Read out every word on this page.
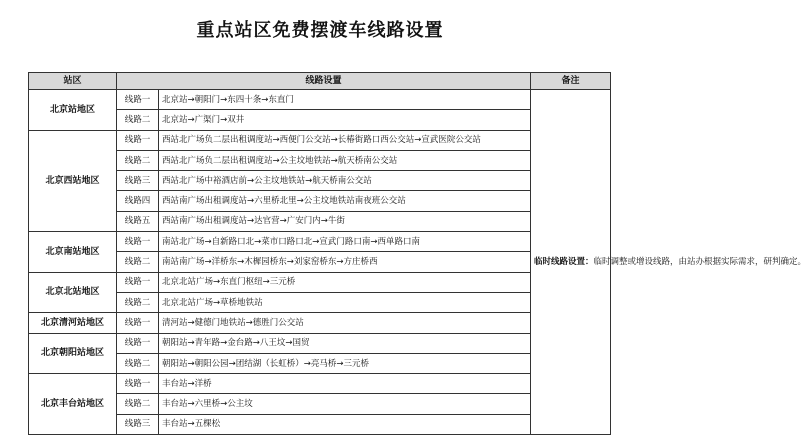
重点站区免费摆渡车线路设置
站区	线路设置		备注
北京站地区	线路一	北京站→朝阳门→东四十条→东直门	临时线路设置：临时调整或增设线路，由站办根据实际需求，研判确定。
	线路二	北京站→广渠门→双井	
北京西站地区	线路一	西站北广场负二层出租调度站→西便门公交站→长椿街路口西公交站→宣武医院公交站	
	线路二	西站北广场负二层出租调度站→公主坟地铁站→航天桥南公交站	
	线路三	西站北广场中裕酒店前→公主坟地铁站→航天桥南公交站	
	线路四	西站南广场出租调度站→六里桥北里→公主坟地铁站南夜班公交站	
	线路五	西站南广场出租调度站→达官营→广安门内→牛街	
北京南站地区	线路一	南站北广场→自新路口北→菜市口路口北→宣武门路口南→西单路口南	
	线路二	南站南广场→洋桥东→木樨园桥东→刘家窑桥东→方庄桥西	
北京北站地区	线路一	北京北站广场→东直门枢纽→三元桥	
	线路二	北京北站广场→草桥地铁站	
北京清河站地区	线路一	清河站→健德门地铁站→德胜门公交站	
北京朝阳站地区	线路一	朝阳站→青年路→金台路→八王坟→国贸	
	线路二	朝阳站→朝阳公园→团结湖（长虹桥）→亮马桥→三元桥	
北京丰台站地区	线路一	丰台站→洋桥	
	线路二	丰台站→六里桥→公主坟	
	线路三	丰台站→五棵松	
